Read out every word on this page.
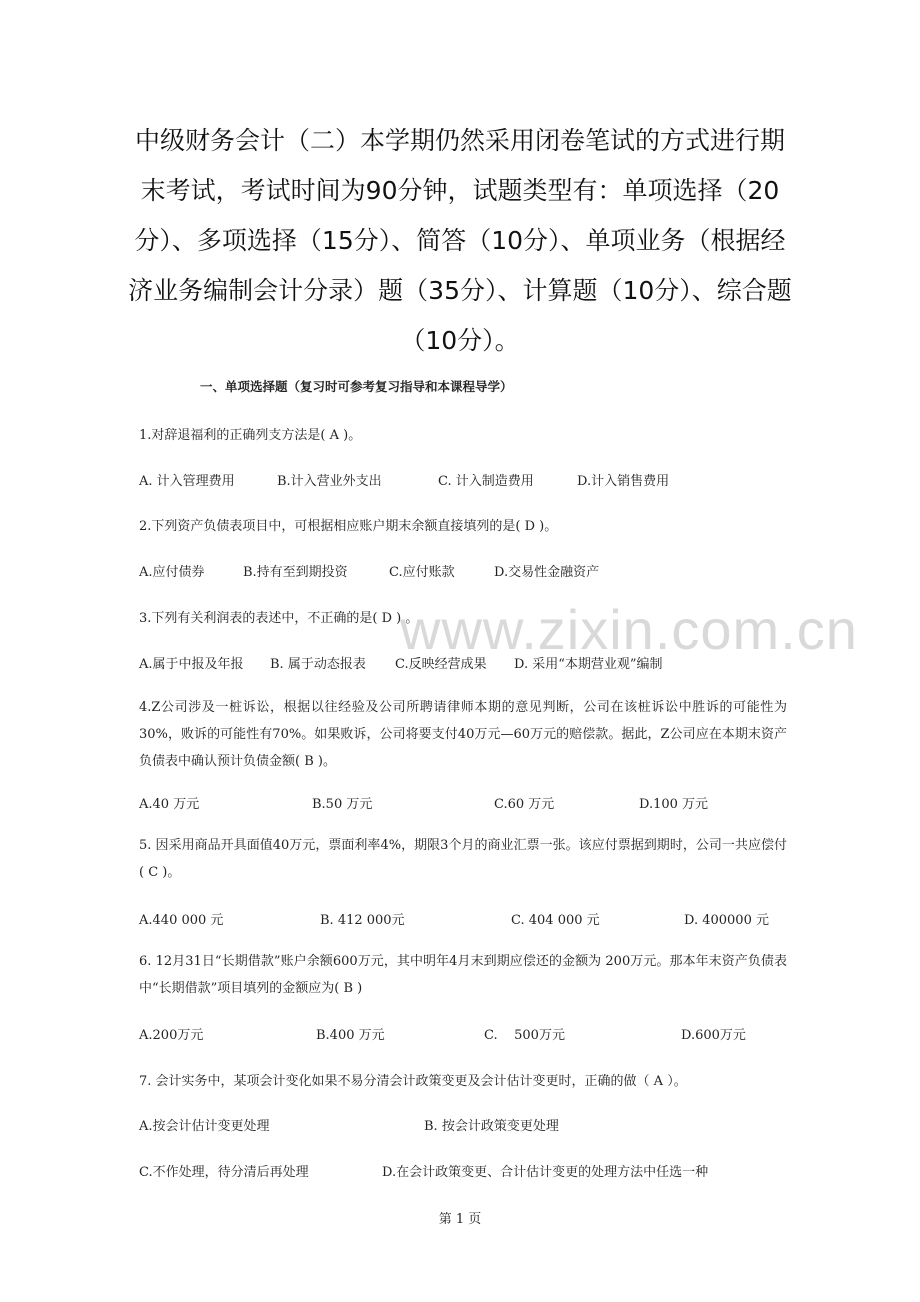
中级财务会计（二）本学期仍然采用闭卷笔试的方式进行期末考试，考试时间为90分钟，试题类型有：单项选择（20分）、多项选择（15分）、简答（10分）、单项业务（根据经济业务编制会计分录）题（35分）、计算题（10分）、综合题（10分）。
一、单项选择题（复习时可参考复习指导和本课程导学）
www.zixin.com.cn
1.对辞退福利的正确列支方法是( A )。
A. 计入管理费用	B.计入营业外支出	C. 计入制造费用	D.计入销售费用
2.下列资产负债表项目中，可根据相应账户期末余额直接填列的是( D )。
A.应付债券	B.持有至到期投资	C.应付账款	D.交易性金融资产
3.下列有关利润表的表述中，不正确的是( D ) 。
A.属于中报及年报 B. 属于动态报表 C.反映经营成果 D. 采用“本期营业观”编制
4.Z公司涉及一桩诉讼，根据以往经验及公司所聘请律师本期的意见判断，公司在该桩诉讼中胜诉的可能性为30%，败诉的可能性有70%。如果败诉，公司将要支付40万元—60万元的赔偿款。据此，Z公司应在本期末资产负债表中确认预计负债金额( B )。
A.40 万元	B.50 万元	C.60 万元	D.100 万元
5. 因采用商品开具面值40万元，票面利率4%，期限3个月的商业汇票一张。该应付票据到期时，公司一共应偿付( C )。
A.440 000 元	B. 412 000元	C. 404 000 元	D. 400000 元
6. 12月31日“长期借款”账户余额600万元，其中明年4月末到期应偿还的金额为 200万元。那本年末资产负债表中“长期借款”项目填列的金额应为( B )
A.200万元	B.400 万元	C.    500万元	D.600万元
7. 会计实务中，某项会计变化如果不易分清会计政策变更及会计估计变更时，正确的做（ A ）。
A.按会计估计变更处理	B. 按会计政策变更处理
C.不作处理，待分清后再处理	D.在会计政策变更、合计估计变更的处理方法中任选一种
第 1 页
